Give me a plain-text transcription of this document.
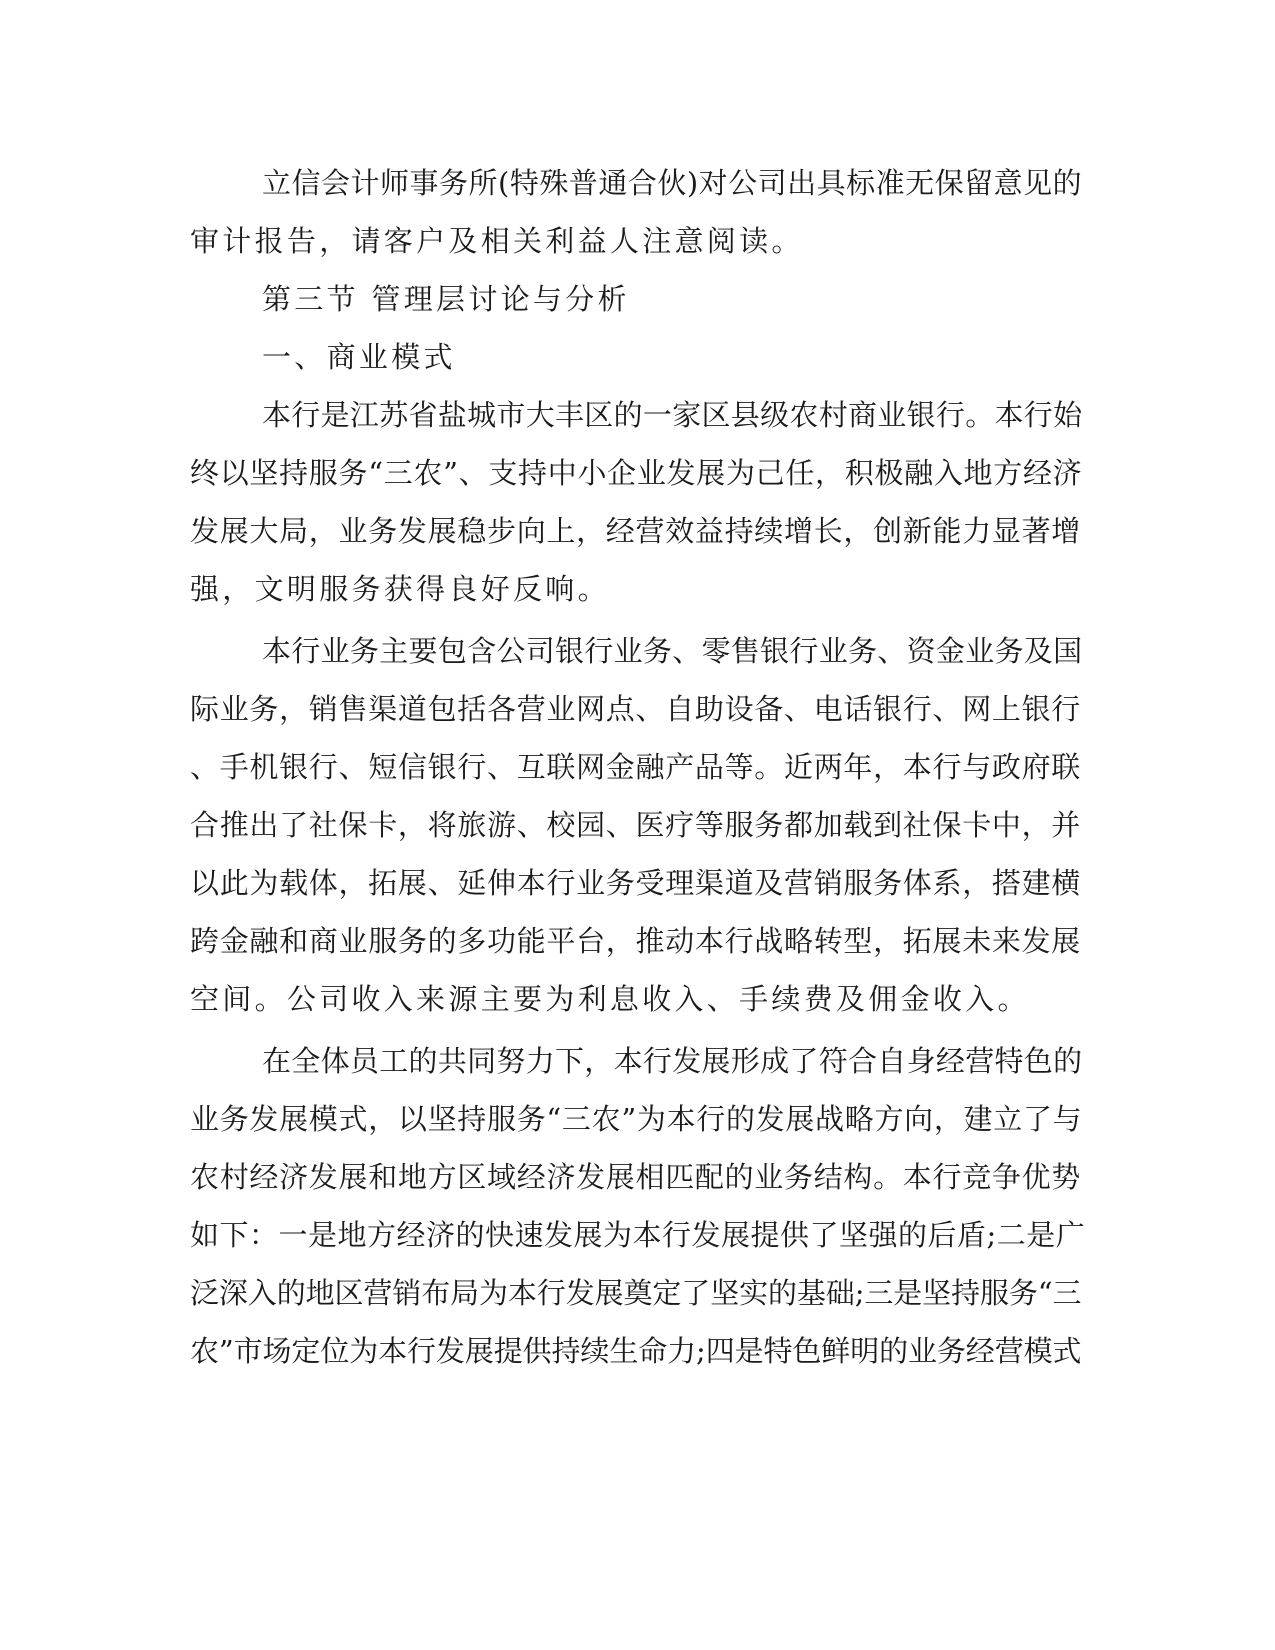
立信会计师事务所(特殊普通合伙)对公司出具标准无保留意见的
审计报告，请客户及相关利益人注意阅读。
第三节 管理层讨论与分析
一、商业模式
本行是江苏省盐城市大丰区的一家区县级农村商业银行。本行始
终以坚持服务“三农”、支持中小企业发展为己任，积极融入地方经济
发展大局，业务发展稳步向上，经营效益持续增长，创新能力显著增
强，文明服务获得良好反响。
本行业务主要包含公司银行业务、零售银行业务、资金业务及国
际业务，销售渠道包括各营业网点、自助设备、电话银行、网上银行
、手机银行、短信银行、互联网金融产品等。近两年，本行与政府联
合推出了社保卡，将旅游、校园、医疗等服务都加载到社保卡中，并
以此为载体，拓展、延伸本行业务受理渠道及营销服务体系，搭建横
跨金融和商业服务的多功能平台，推动本行战略转型，拓展未来发展
空间。公司收入来源主要为利息收入、手续费及佣金收入。
在全体员工的共同努力下，本行发展形成了符合自身经营特色的
业务发展模式，以坚持服务“三农”为本行的发展战略方向，建立了与
农村经济发展和地方区域经济发展相匹配的业务结构。本行竞争优势
如下：一是地方经济的快速发展为本行发展提供了坚强的后盾;二是广
泛深入的地区营销布局为本行发展奠定了坚实的基础;三是坚持服务“三
农”市场定位为本行发展提供持续生命力;四是特色鲜明的业务经营模式
